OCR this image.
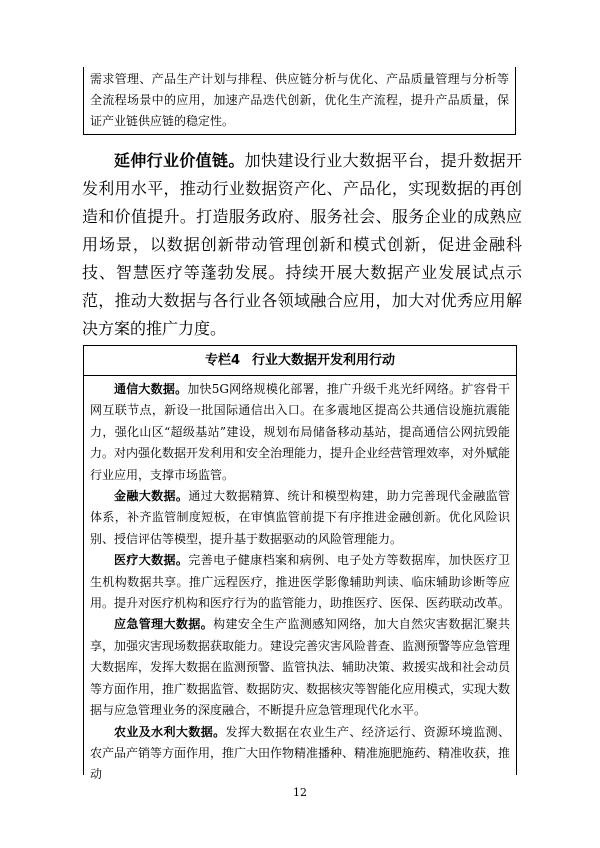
需求管理、产品生产计划与排程、供应链分析与优化、产品质量管理与分析等全流程场景中的应用，加速产品迭代创新，优化生产流程，提升产品质量，保证产业链供应链的稳定性。

延伸行业价值链。加快建设行业大数据平台，提升数据开发利用水平，推动行业数据资产化、产品化，实现数据的再创造和价值提升。打造服务政府、服务社会、服务企业的成熟应用场景，以数据创新带动管理创新和模式创新，促进金融科技、智慧医疗等蓬勃发展。持续开展大数据产业发展试点示范，推动大数据与各行业各领域融合应用，加大对优秀应用解决方案的推广力度。

专栏4 行业大数据开发利用行动

通信大数据。加快5G网络规模化部署，推广升级千兆光纤网络。扩容骨干网互联节点，新设一批国际通信出入口。在多震地区提高公共通信设施抗震能力，强化山区“超级基站”建设，规划布局储备移动基站，提高通信公网抗毁能力。对内强化数据开发利用和安全治理能力，提升企业经营管理效率，对外赋能行业应用，支撑市场监管。

金融大数据。通过大数据精算、统计和模型构建，助力完善现代金融监管体系，补齐监管制度短板，在审慎监管前提下有序推进金融创新。优化风险识别、授信评估等模型，提升基于数据驱动的风险管理能力。

医疗大数据。完善电子健康档案和病例、电子处方等数据库，加快医疗卫生机构数据共享。推广远程医疗，推进医学影像辅助判读、临床辅助诊断等应用。提升对医疗机构和医疗行为的监管能力，助推医疗、医保、医药联动改革。

应急管理大数据。构建安全生产监测感知网络，加大自然灾害数据汇聚共享，加强灾害现场数据获取能力。建设完善灾害风险普查、监测预警等应急管理大数据库，发挥大数据在监测预警、监管执法、辅助决策、救援实战和社会动员等方面作用，推广数据监管、数据防灾、数据核灾等智能化应用模式，实现大数据与应急管理业务的深度融合，不断提升应急管理现代化水平。

农业及水利大数据。发挥大数据在农业生产、经济运行、资源环境监测、农产品产销等方面作用，推广大田作物精准播种、精准施肥施药、精准收获，推动

12
